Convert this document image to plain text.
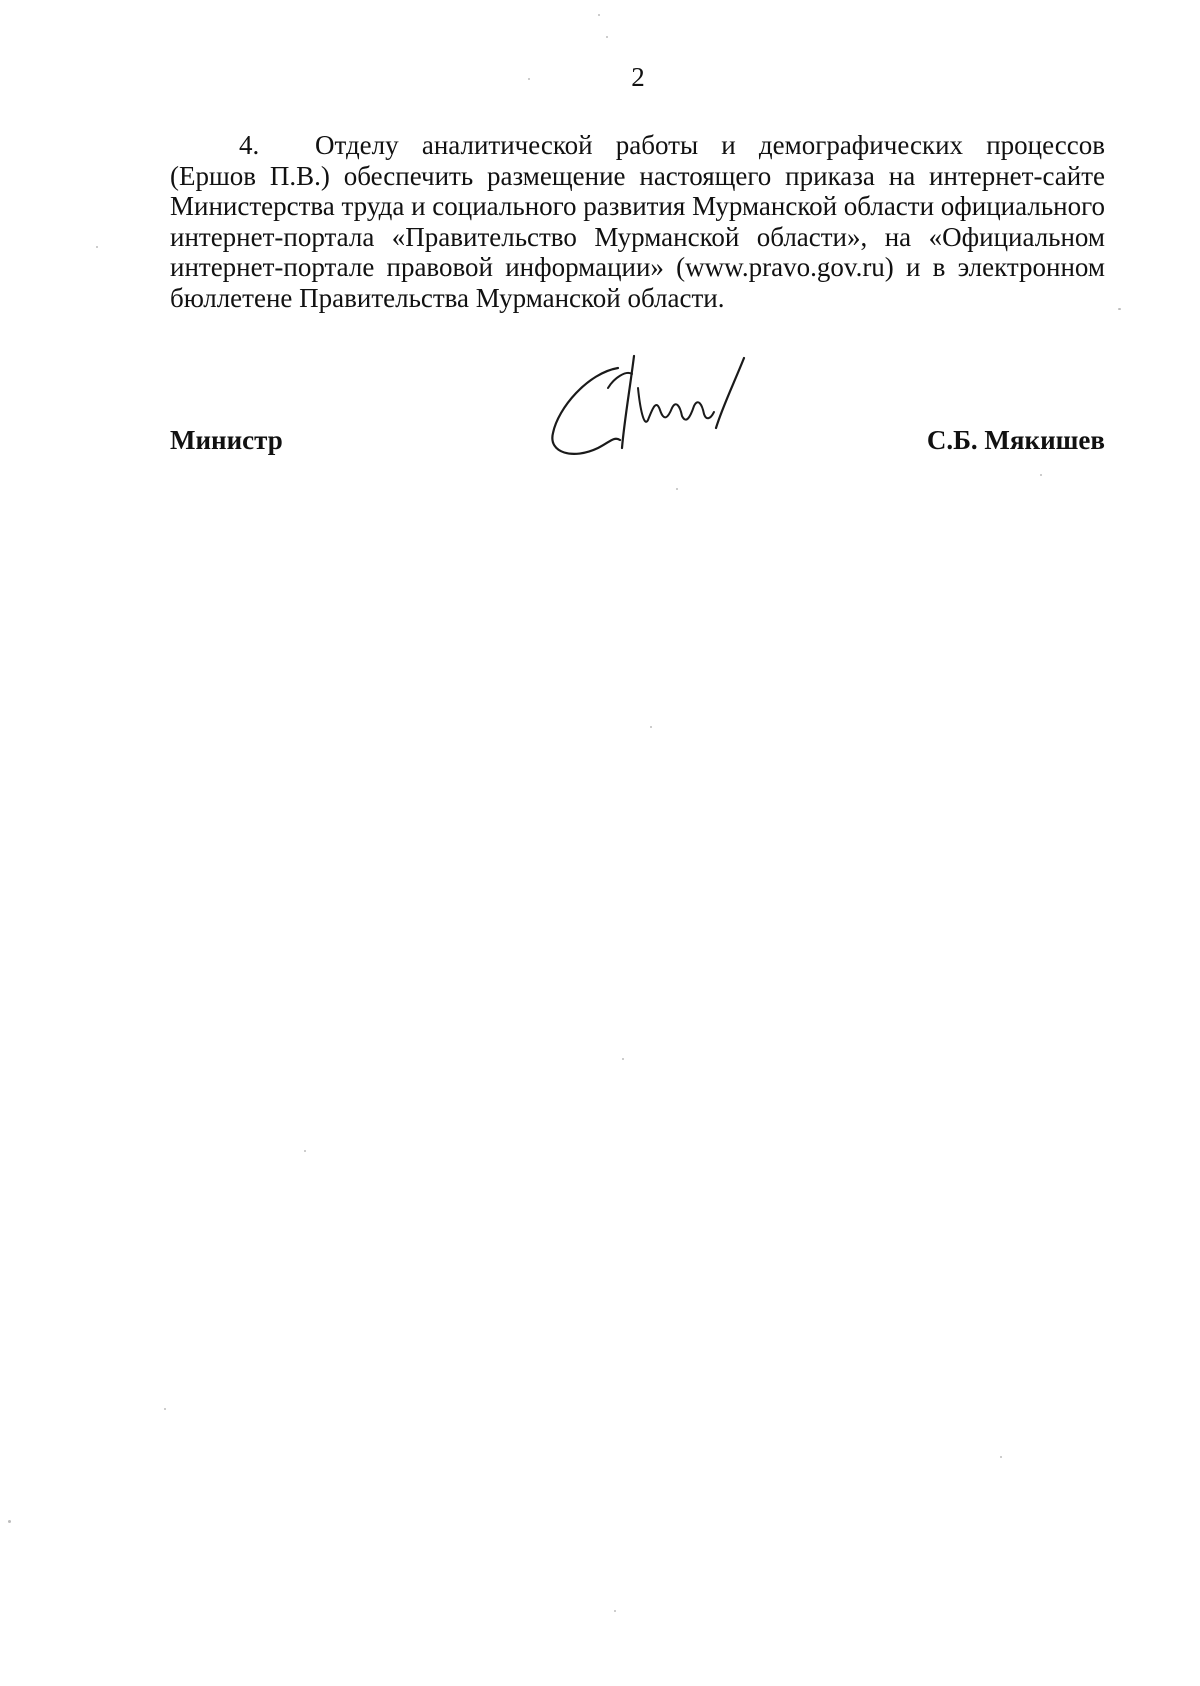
2

4. Отделу аналитической работы и демографических процессов (Ершов П.В.) обеспечить размещение настоящего приказа на интернет-сайте Министерства труда и социального развития Мурманской области официального интернет-портала «Правительство Мурманской области», на «Официальном интернет-портале правовой информации» (www.pravo.gov.ru) и в электронном бюллетене Правительства Мурманской области.

Министр	С.Б. Мякишев
